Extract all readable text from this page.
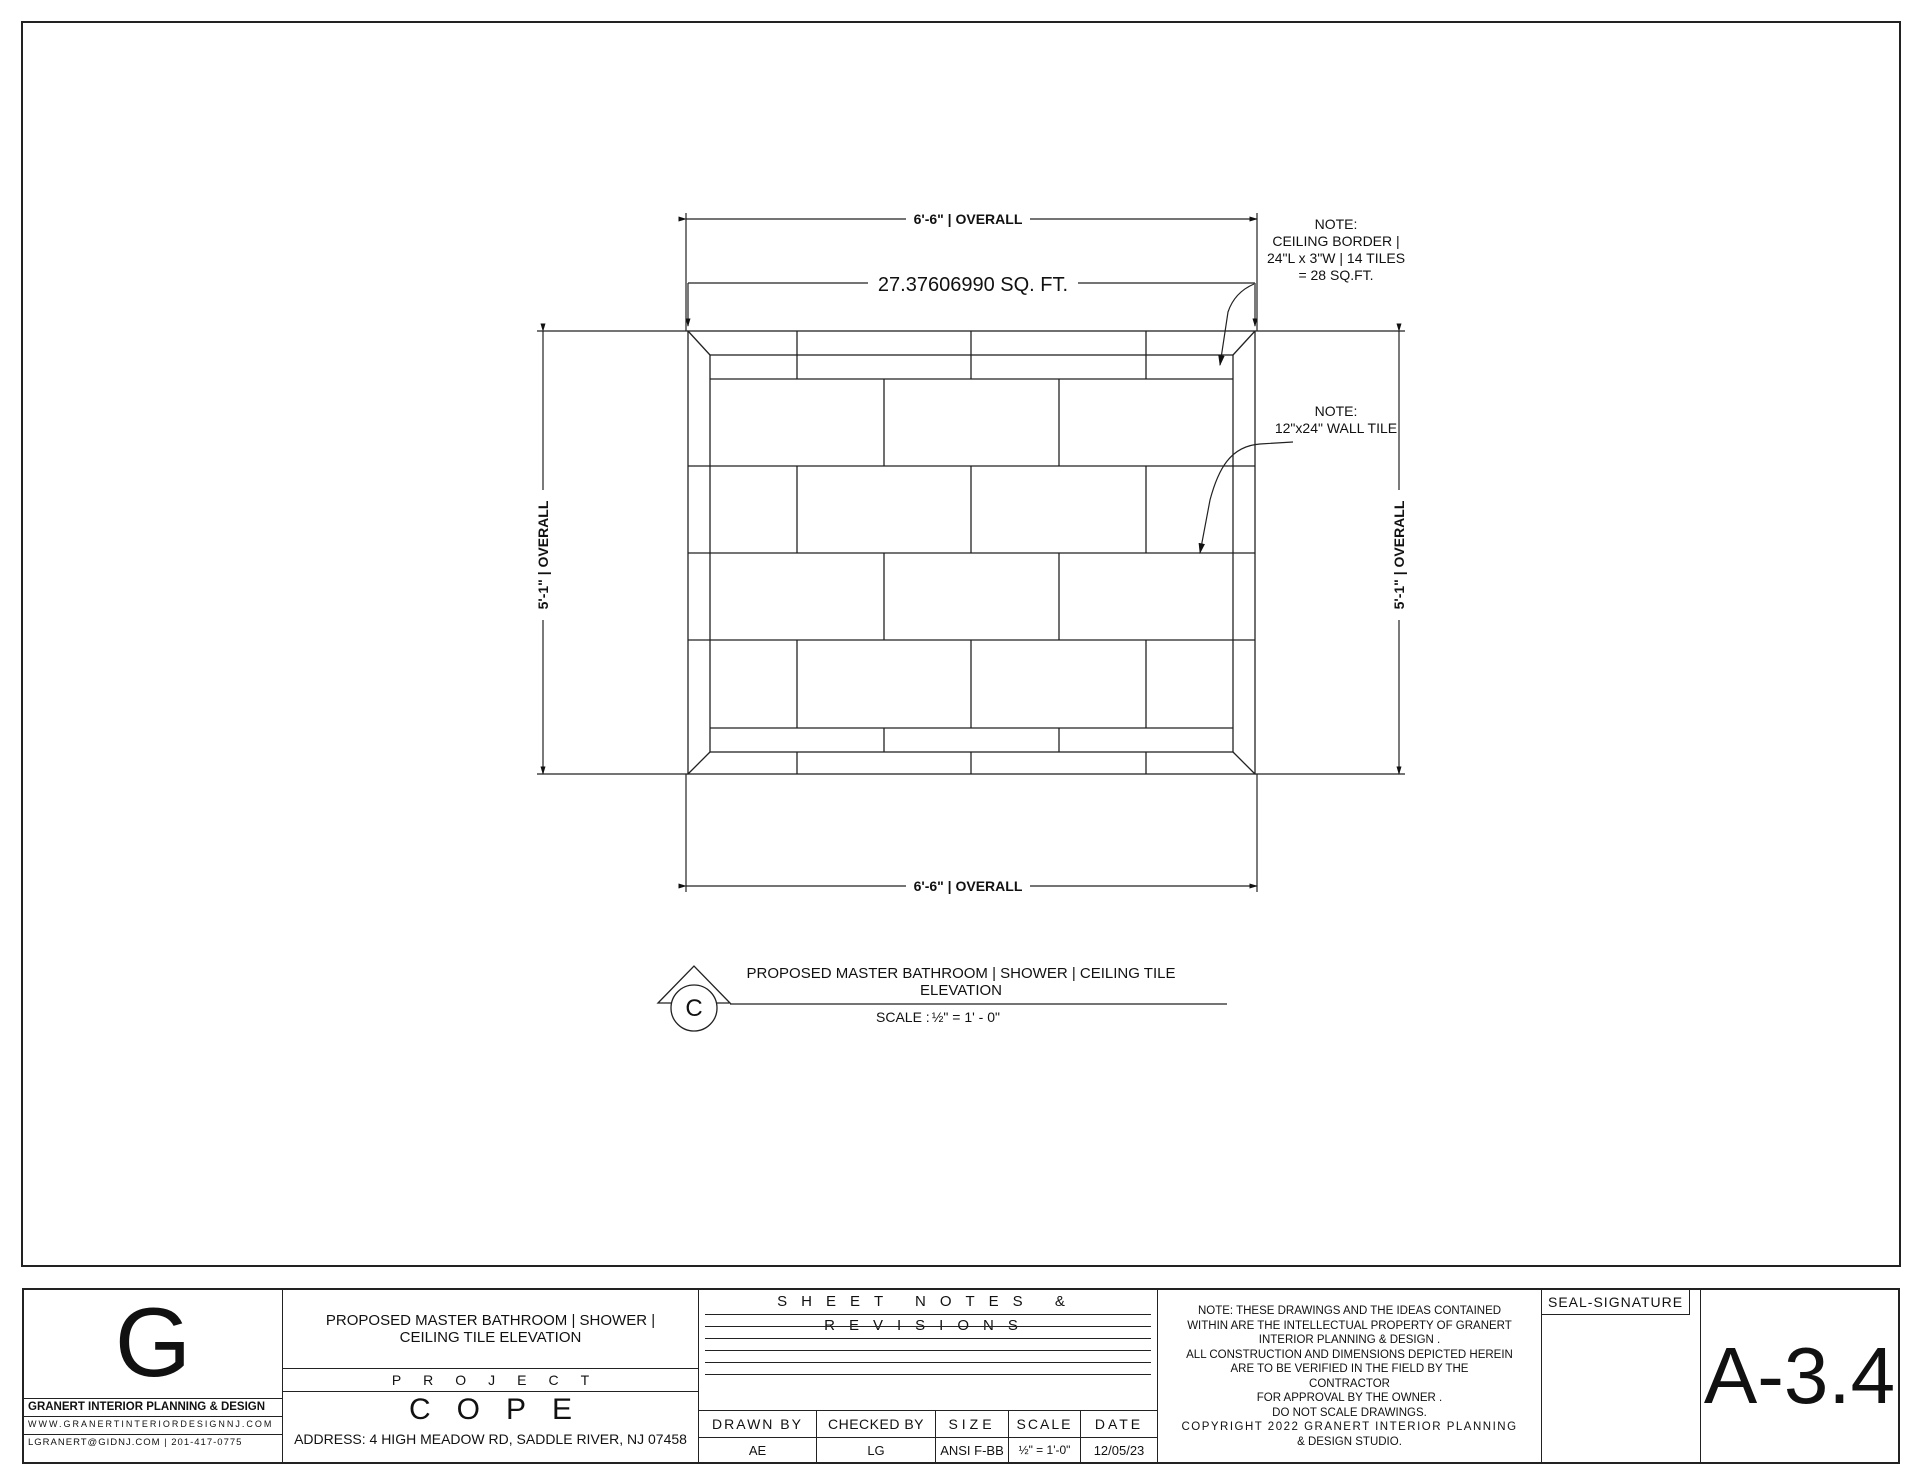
6'-6" | OVERALL
6'-6" | OVERALL
5'-1" | OVERALL	5'-1" | OVERALL
27.37606990 SQ. FT.
NOTE:
CEILING BORDER |
24"L x 3"W | 14 TILES
= 28 SQ.FT.
NOTE:
12"x24" WALL TILE
C
PROPOSED MASTER BATHROOM | SHOWER | CEILING TILE
ELEVATION
SCALE : ½" = 1' - 0"
G
GRANERT INTERIOR PLANNING & DESIGN
WWW.GRANERTINTERIORDESIGNNJ.COM
LGRANERT@GIDNJ.COM | 201-417-0775
PROPOSED MASTER BATHROOM | SHOWER | CEILING TILE ELEVATION
PROJECT
COPE
ADDRESS: 4 HIGH MEADOW RD, SADDLE RIVER, NJ 07458
SHEET NOTES & REVISIONS
DRAWN BY
AE
CHECKED BY
LG
SIZE
ANSI F-BB
SCALE
½" = 1'-0"
DATE
12/05/23
NOTE: THESE DRAWINGS AND THE IDEAS CONTAINED
WITHIN ARE THE INTELLECTUAL PROPERTY OF GRANERT
INTERIOR PLANNING & DESIGN .
ALL CONSTRUCTION AND DIMENSIONS DEPICTED HEREIN
ARE TO BE VERIFIED IN THE FIELD BY THE
CONTRACTOR
FOR APPROVAL BY THE OWNER .
DO NOT SCALE DRAWINGS.
COPYRIGHT 2022 GRANERT INTERIOR PLANNING
& DESIGN STUDIO.
SEAL-SIGNATURE
A-3.4
